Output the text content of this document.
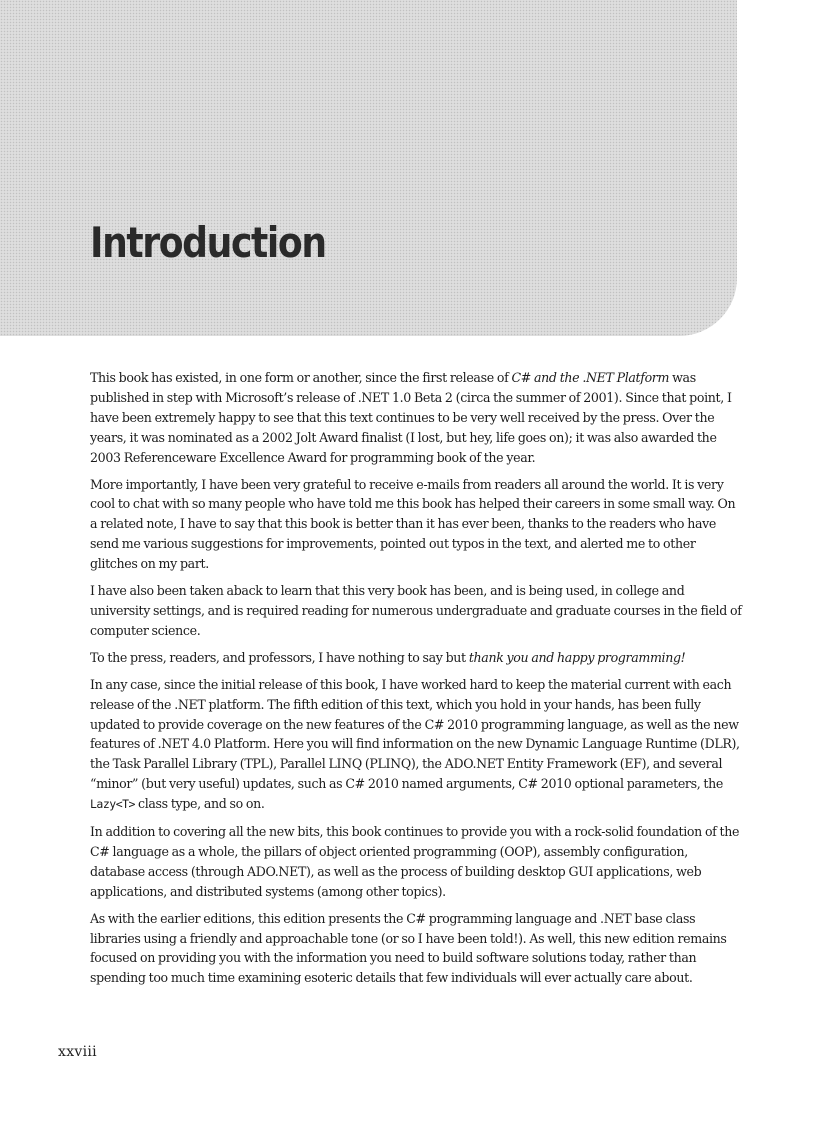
Introduction

This book has existed, in one form or another, since the first release of C# and the .NET Platform was published in step with Microsoft’s release of .NET 1.0 Beta 2 (circa the summer of 2001). Since that point, I have been extremely happy to see that this text continues to be very well received by the press. Over the years, it was nominated as a 2002 Jolt Award finalist (I lost, but hey, life goes on); it was also awarded the 2003 Referenceware Excellence Award for programming book of the year.

More importantly, I have been very grateful to receive e-mails from readers all around the world. It is very cool to chat with so many people who have told me this book has helped their careers in some small way. On a related note, I have to say that this book is better than it has ever been, thanks to the readers who have send me various suggestions for improvements, pointed out typos in the text, and alerted me to other glitches on my part.

I have also been taken aback to learn that this very book has been, and is being used, in college and university settings, and is required reading for numerous undergraduate and graduate courses in the field of computer science.

To the press, readers, and professors, I have nothing to say but thank you and happy programming!

In any case, since the initial release of this book, I have worked hard to keep the material current with each release of the .NET platform. The fifth edition of this text, which you hold in your hands, has been fully updated to provide coverage on the new features of the C# 2010 programming language, as well as the new features of .NET 4.0 Platform. Here you will find information on the new Dynamic Language Runtime (DLR), the Task Parallel Library (TPL), Parallel LINQ (PLINQ), the ADO.NET Entity Framework (EF), and several “minor” (but very useful) updates, such as C# 2010 named arguments, C# 2010 optional parameters, the Lazy<T> class type, and so on.

In addition to covering all the new bits, this book continues to provide you with a rock-solid foundation of the C# language as a whole, the pillars of object oriented programming (OOP), assembly configuration, database access (through ADO.NET), as well as the process of building desktop GUI applications, web applications, and distributed systems (among other topics).

As with the earlier editions, this edition presents the C# programming language and .NET base class libraries using a friendly and approachable tone (or so I have been told!). As well, this new edition remains focused on providing you with the information you need to build software solutions today, rather than spending too much time examining esoteric details that few individuals will ever actually care about.

xxviii
